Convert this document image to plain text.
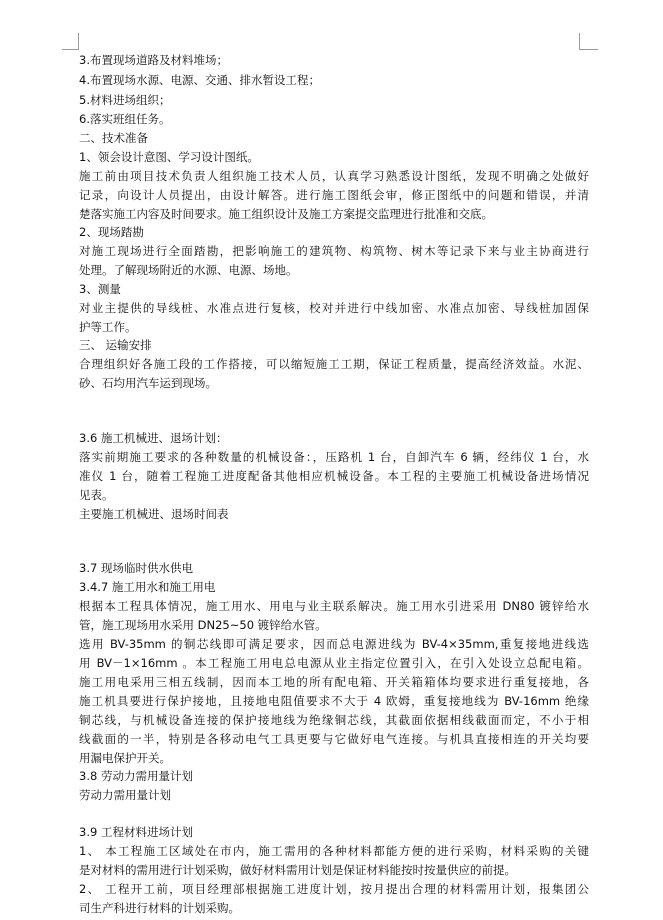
3.布置现场道路及材料堆场；
4.布置现场水源、电源、交通、排水暂设工程；
5.材料进场组织；
6.落实班组任务。
二、技术准备
1、领会设计意图、学习设计图纸。
施工前由项目技术负责人组织施工技术人员，认真学习熟悉设计图纸，发现不明确之处做好
记录，向设计人员提出，由设计解答。进行施工图纸会审，修正图纸中的问题和错误，并清
楚落实施工内容及时间要求。施工组织设计及施工方案提交监理进行批准和交底。
2、现场踏勘
对施工现场进行全面踏勘，把影响施工的建筑物、构筑物、树木等记录下来与业主协商进行
处理。了解现场附近的水源、电源、场地。
3、测量
对业主提供的导线桩、水准点进行复核，校对并进行中线加密、水准点加密、导线桩加固保
护等工作。
三、 运输安排
合理组织好各施工段的工作搭接，可以缩短施工工期，保证工程质量，提高经济效益。水泥、
砂、石均用汽车运到现场。
3.6 施工机械进、退场计划：
落实前期施工要求的各种数量的机械设备：，压路机 1 台，自卸汽车 6 辆，经纬仪 1 台，水
准仪 1 台，随着工程施工进度配备其他相应机械设备。本工程的主要施工机械设备进场情况
见表。
主要施工机械进、退场时间表
3.7 现场临时供水供电
3.4.7 施工用水和施工用电
根据本工程具体情况，施工用水、用电与业主联系解决。施工用水引进采用 DN80 镀锌给水
管，施工现场用水采用 DN25~50 镀锌给水管。
选用 BV-35mm 的铜芯线即可满足要求，因而总电源进线为 BV-4×35mm,重复接地进线选
用 BV－1×16mm 。本工程施工用电总电源从业主指定位置引入，在引入处设立总配电箱。
施工用电采用三相五线制，因而本工地的所有配电箱、开关箱箱体均要求进行重复接地，各
施工机具要进行保护接地，且接地电阻值要求不大于 4 欧姆，重复接地线为 BV-16mm 绝缘
铜芯线，与机械设备连接的保护接地线为绝缘铜芯线，其截面依据相线截面而定，不小于相
线截面的一半，特别是各移动电气工具更要与它做好电气连接。与机具直接相连的开关均要
用漏电保护开关。
3.8 劳动力需用量计划
劳动力需用量计划
3.9 工程材料进场计划
1、 本工程施工区域处在市内，施工需用的各种材料都能方便的进行采购，材料采购的关键
是对材料的需用进行计划采购，做好材料需用计划是保证材料能按时按量供应的前提。
2、 工程开工前，项目经理部根据施工进度计划，按月提出合理的材料需用计划，报集团公
司生产科进行材料的计划采购。
